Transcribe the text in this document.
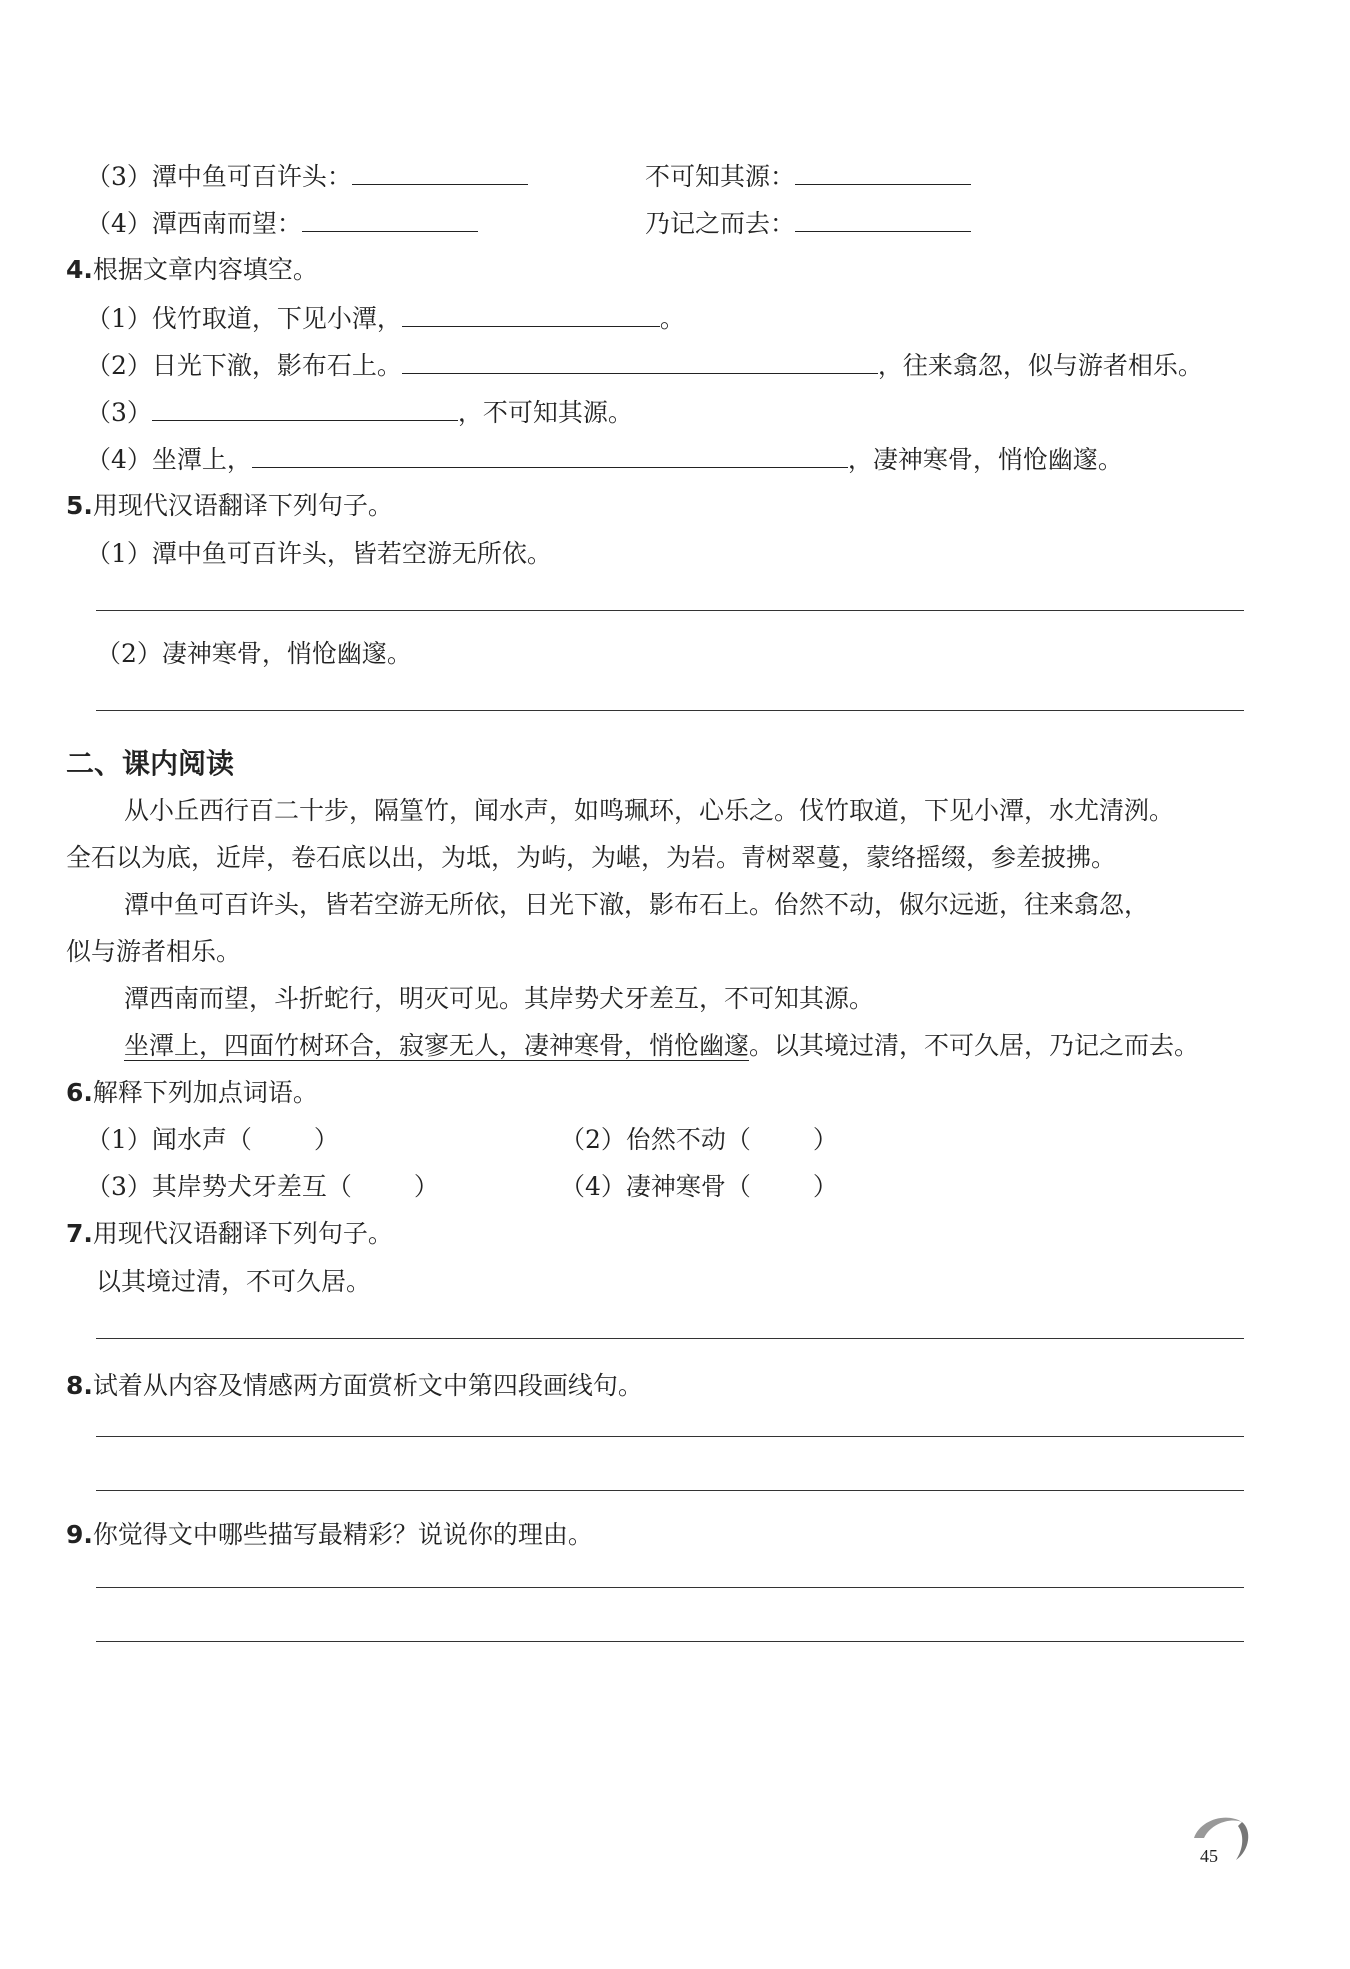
（3）潭中鱼可百许头：	不可知其源：
（4）潭西南而望：	乃记之而去：
4.根据文章内容填空。
（1）伐竹取道，下见小潭，	。
（2）日光下澈，影布石上。	，往来翕忽，似与游者相乐。
（3）	，不可知其源。
（4）坐潭上，	，凄神寒骨，悄怆幽邃。
5.用现代汉语翻译下列句子。
（1）潭中鱼可百许头，皆若空游无所依。
（2）凄神寒骨，悄怆幽邃。
二、课内阅读
从小丘西行百二十步，隔篁竹，闻水声，如鸣珮环，心乐之。伐竹取道，下见小潭，水尤清洌。
全石以为底，近岸，卷石底以出，为坻，为屿，为嵁，为岩。青树翠蔓，蒙络摇缀，参差披拂。
潭中鱼可百许头，皆若空游无所依，日光下澈，影布石上。佁然不动，俶尔远逝，往来翕忽，
似与游者相乐。
潭西南而望，斗折蛇行，明灭可见。其岸势犬牙差互，不可知其源。
坐潭上，四面竹树环合，寂寥无人，凄神寒骨，悄怆幽邃。以其境过清，不可久居，乃记之而去。
6.解释下列加点词语。
（1）闻水声（ ）	（2）佁然不动（ ）
（3）其岸势犬牙差互（ ）	（4）凄神寒骨（ ）
7.用现代汉语翻译下列句子。
以其境过清，不可久居。
8.试着从内容及情感两方面赏析文中第四段画线句。
9.你觉得文中哪些描写最精彩？说说你的理由。
45
